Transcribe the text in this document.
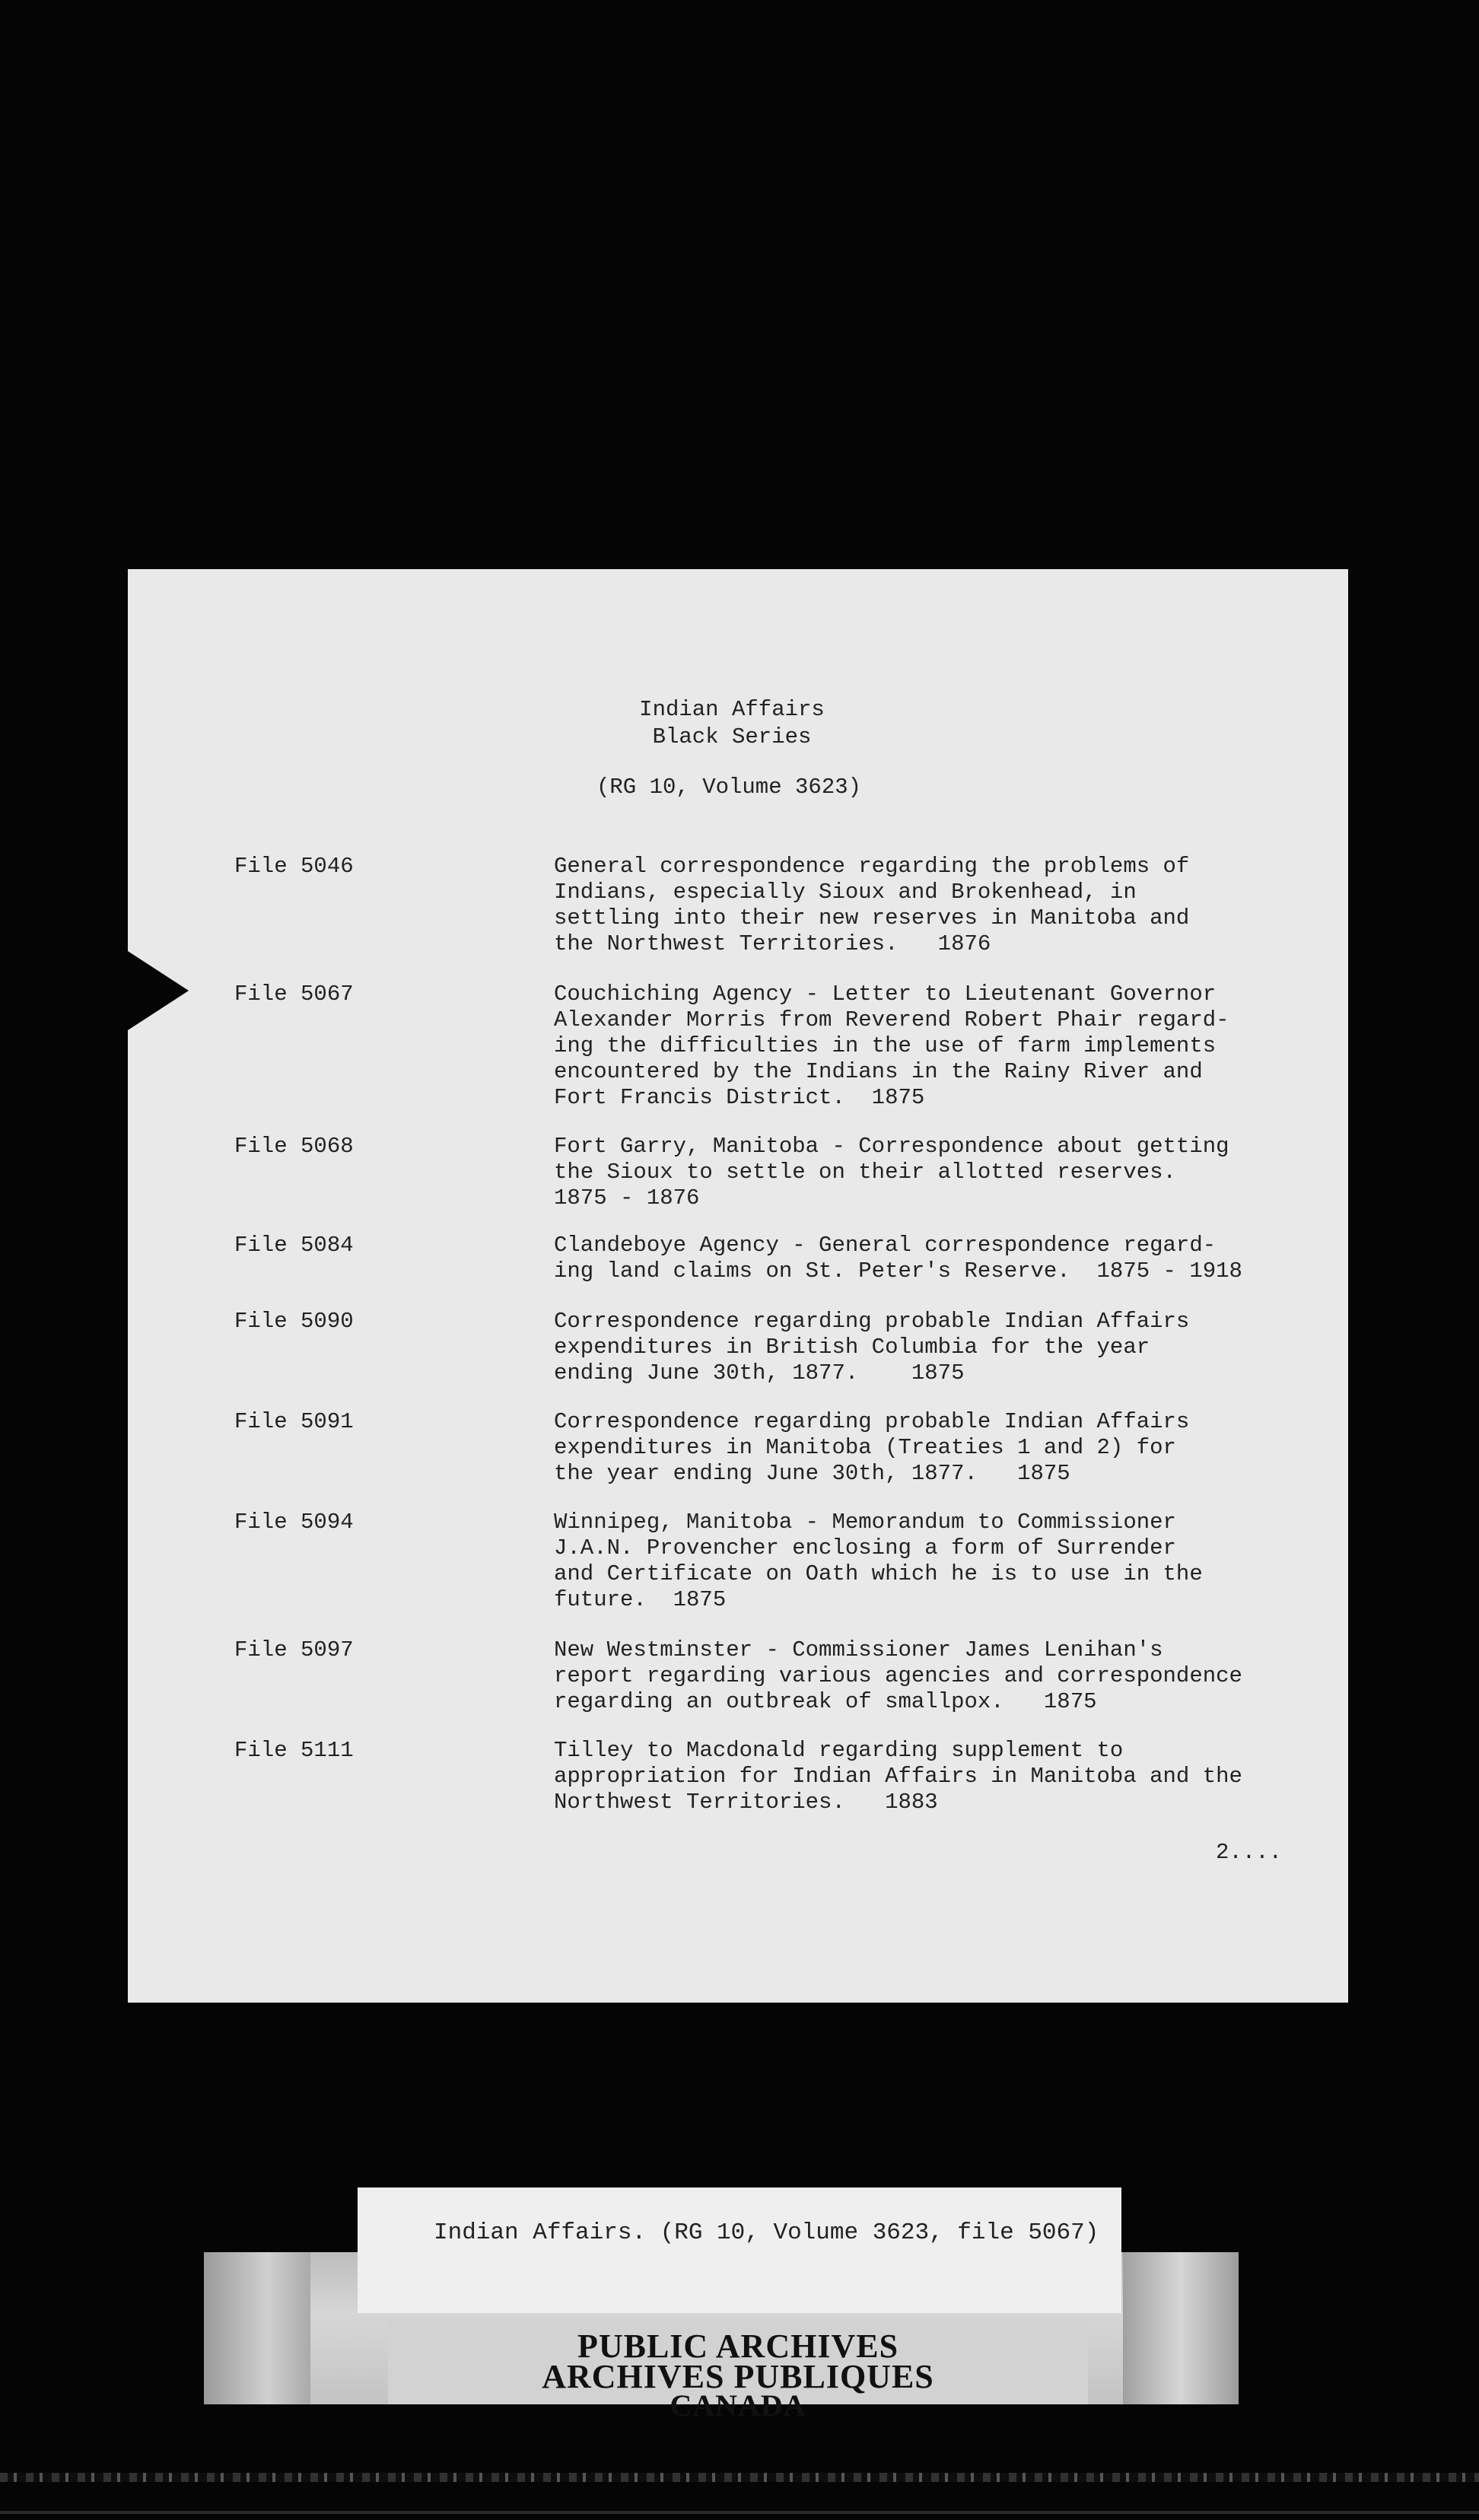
Indian Affairs
Black Series
(RG 10, Volume 3623)
File 5046	General correspondence regarding the problems of
Indians, especially Sioux and Brokenhead, in
settling into their new reserves in Manitoba and
the Northwest Territories.   1876
File 5067	Couchiching Agency - Letter to Lieutenant Governor
Alexander Morris from Reverend Robert Phair regard-
ing the difficulties in the use of farm implements
encountered by the Indians in the Rainy River and
Fort Francis District.  1875
File 5068	Fort Garry, Manitoba - Correspondence about getting
the Sioux to settle on their allotted reserves.
1875 - 1876
File 5084	Clandeboye Agency - General correspondence regard-
ing land claims on St. Peter's Reserve.  1875 - 1918
File 5090	Correspondence regarding probable Indian Affairs
expenditures in British Columbia for the year
ending June 30th, 1877.    1875
File 5091	Correspondence regarding probable Indian Affairs
expenditures in Manitoba (Treaties 1 and 2) for
the year ending June 30th, 1877.   1875
File 5094	Winnipeg, Manitoba - Memorandum to Commissioner
J.A.N. Provencher enclosing a form of Surrender
and Certificate on Oath which he is to use in the
future.  1875
File 5097	New Westminster - Commissioner James Lenihan's
report regarding various agencies and correspondence
regarding an outbreak of smallpox.   1875
File 5111	Tilley to Macdonald regarding supplement to
appropriation for Indian Affairs in Manitoba and the
Northwest Territories.   1883
2....
PUBLIC ARCHIVES
ARCHIVES PUBLIQUES
CANADA
Indian Affairs. (RG 10, Volume 3623, file 5067)
